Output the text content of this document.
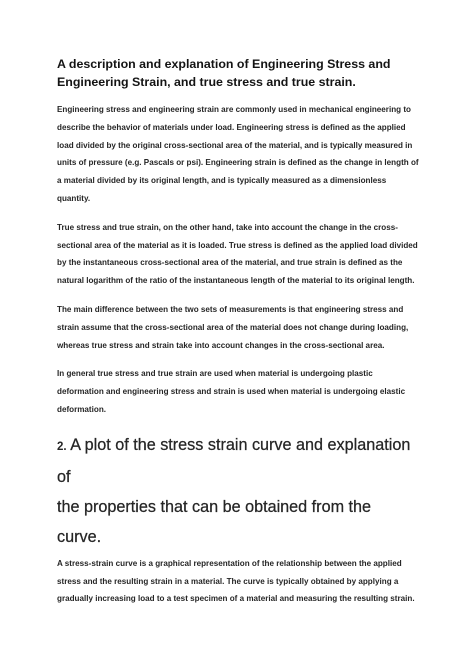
A description and explanation of Engineering Stress and Engineering Strain, and true stress and true strain.

Engineering stress and engineering strain are commonly used in mechanical engineering to describe the behavior of materials under load. Engineering stress is defined as the applied load divided by the original cross-sectional area of the material, and is typically measured in units of pressure (e.g. Pascals or psi). Engineering strain is defined as the change in length of a material divided by its original length, and is typically measured as a dimensionless quantity.

True stress and true strain, on the other hand, take into account the change in the cross-sectional area of the material as it is loaded. True stress is defined as the applied load divided by the instantaneous cross-sectional area of the material, and true strain is defined as the natural logarithm of the ratio of the instantaneous length of the material to its original length.

The main difference between the two sets of measurements is that engineering stress and strain assume that the cross-sectional area of the material does not change during loading, whereas true stress and strain take into account changes in the cross-sectional area.

In general true stress and true strain are used when material is undergoing plastic deformation and engineering stress and strain is used when material is undergoing elastic deformation.

2. A plot of the stress strain curve and explanation of
the properties that can be obtained from the curve.

A stress-strain curve is a graphical representation of the relationship between the applied stress and the resulting strain in a material. The curve is typically obtained by applying a gradually increasing load to a test specimen of a material and measuring the resulting strain.
